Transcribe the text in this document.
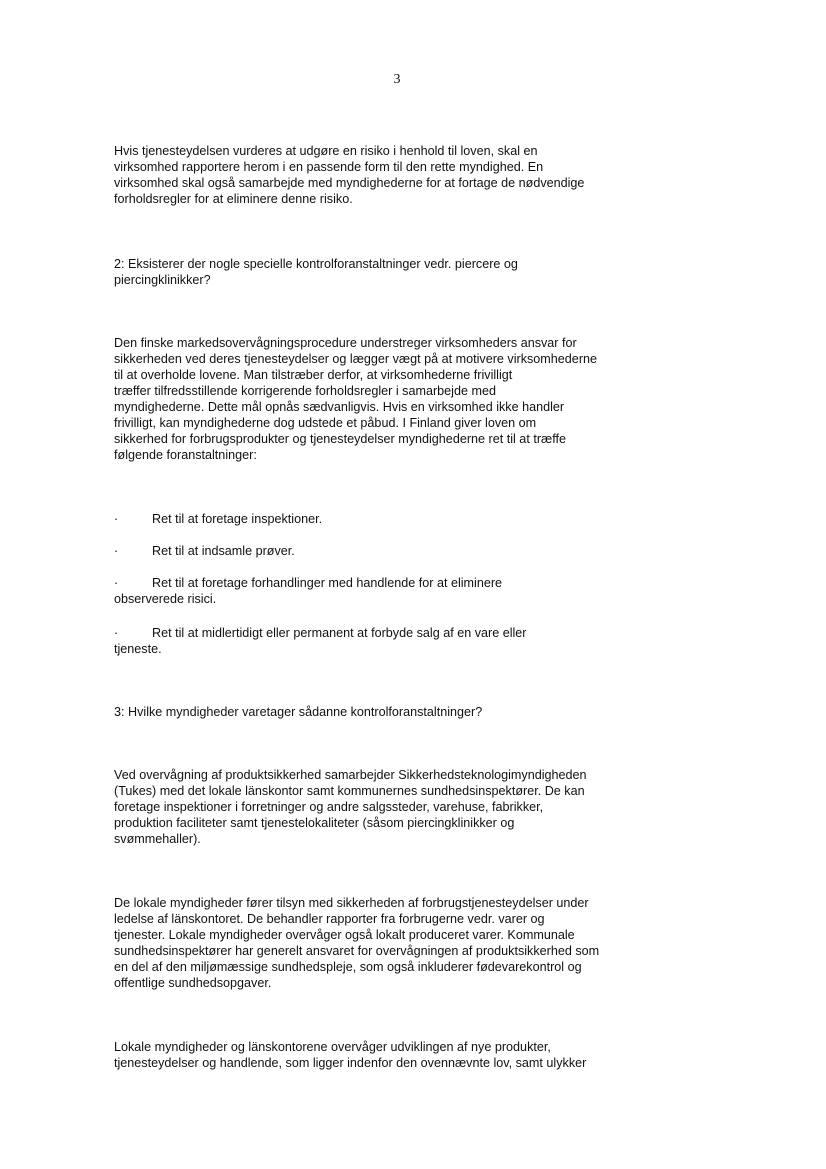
3

Hvis tjenesteydelsen vurderes at udgøre en risiko i henhold til loven, skal en
virksomhed rapportere herom i en passende form til den rette myndighed. En
virksomhed skal også samarbejde med myndighederne for at fortage de nødvendige
forholdsregler for at eliminere denne risiko.

2: Eksisterer der nogle specielle kontrolforanstaltninger vedr. piercere og
piercingklinikker?

Den finske markedsovervågningsprocedure understreger virksomheders ansvar for
sikkerheden ved deres tjenesteydelser og lægger vægt på at motivere virksomhederne
til at overholde lovene. Man tilstræber derfor, at virksomhederne frivilligt
træffer tilfredsstillende korrigerende forholdsregler i samarbejde med
myndighederne. Dette mål opnås sædvanligvis. Hvis en virksomhed ikke handler
frivilligt, kan myndighederne dog udstede et påbud. I Finland giver loven om
sikkerhed for forbrugsprodukter og tjenesteydelser myndighederne ret til at træffe
følgende foranstaltninger:

·	Ret til at foretage inspektioner.
·	Ret til at indsamle prøver.
·	Ret til at foretage forhandlinger med handlende for at eliminere
observerede risici.
·	Ret til at midlertidigt eller permanent at forbyde salg af en vare eller
tjeneste.

3: Hvilke myndigheder varetager sådanne kontrolforanstaltninger?

Ved overvågning af produktsikkerhed samarbejder Sikkerhedsteknologimyndigheden
(Tukes) med det lokale länskontor samt kommunernes sundhedsinspektører. De kan
foretage inspektioner i forretninger og andre salgssteder, varehuse, fabrikker,
produktion faciliteter samt tjenestelokaliteter (såsom piercingklinikker og
svømmehaller).

De lokale myndigheder fører tilsyn med sikkerheden af forbrugstjenesteydelser under
ledelse af länskontoret. De behandler rapporter fra forbrugerne vedr. varer og
tjenester. Lokale myndigheder overvåger også lokalt produceret varer. Kommunale
sundhedsinspektører har generelt ansvaret for overvågningen af produktsikkerhed som
en del af den miljømæssige sundhedspleje, som også inkluderer fødevarekontrol og
offentlige sundhedsopgaver.

Lokale myndigheder og länskontorene overvåger udviklingen af nye produkter,
tjenesteydelser og handlende, som ligger indenfor den ovennævnte lov, samt ulykker
